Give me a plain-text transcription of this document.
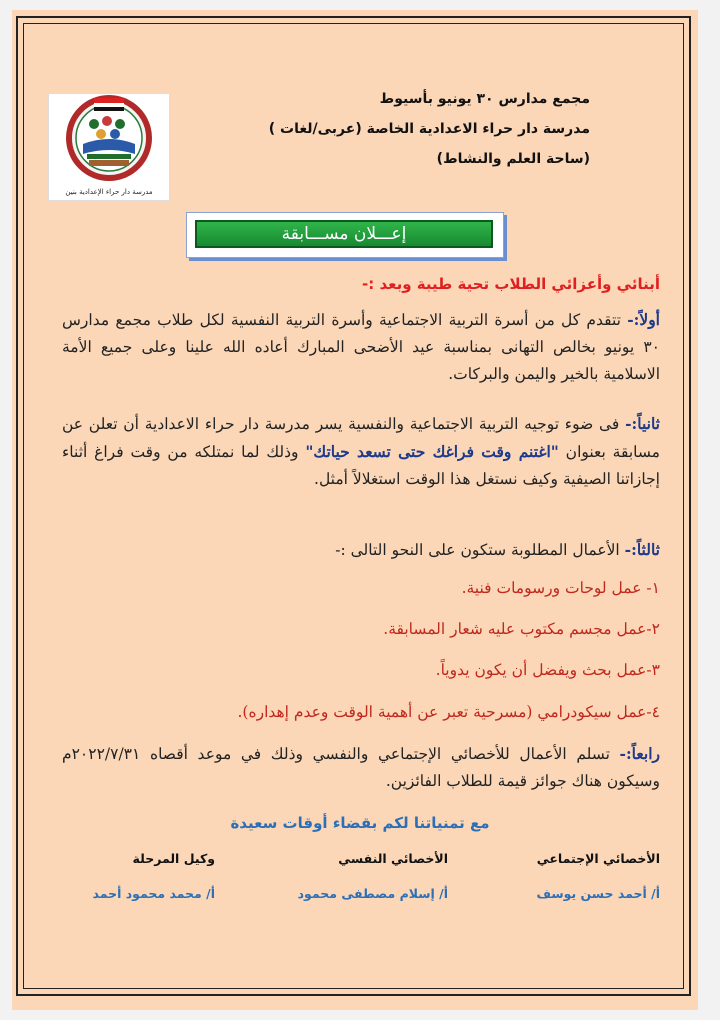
مدرسة دار حراء الإعدادية بنين
مجمع مدارس ٣٠ يونيو بأسيوط
مدرسة دار حراء الاعدادية الخاصة (عربى/لغات )
(ساحة العلم والنشاط)
إعـــلان مســـابقة
أبنائي وأعزائي الطلاب تحية طيبة وبعد :-
أولاً:- تتقدم كل من أسرة التربية الاجتماعية وأسرة التربية النفسية لكل طلاب مجمع مدارس ٣٠ يونيو بخالص التهانى بمناسبة عيد الأضحى المبارك أعاده الله علينا وعلى جميع الأمة الاسلامية بالخير واليمن والبركات.
ثانياً:- فى ضوء توجيه التربية الاجتماعية والنفسية يسر مدرسة دار حراء الاعدادية أن تعلن عن مسابقة بعنوان "اغتنم وقت فراغك حتى تسعد حياتك" وذلك لما نمتلكه من وقت فراغ أثناء إجازاتنا الصيفية وكيف نستغل هذا الوقت استغلالاً أمثل.
ثالثاً:- الأعمال المطلوبة ستكون على النحو التالى :-
١- عمل لوحات ورسومات فنية.
٢-عمل مجسم مكتوب عليه شعار المسابقة.
٣-عمل بحث ويفضل أن يكون يدوياً.
٤-عمل سيكودرامي (مسرحية تعبر عن أهمية الوقت وعدم إهداره).
رابعاً:- تسلم الأعمال للأخصائي الإجتماعي والنفسي وذلك في موعد أقصاه ٢٠٢٢/٧/٣١م وسيكون هناك جوائز قيمة للطلاب الفائزين.
مع تمنياتنا لكم بقضاء أوقات سعيدة
الأخصائي الإجتماعي
الأخصائي النفسي
وكيل المرحلة
أ/ أحمد حسن يوسف
أ/ إسلام مصطفى محمود
أ/ محمد محمود أحمد
